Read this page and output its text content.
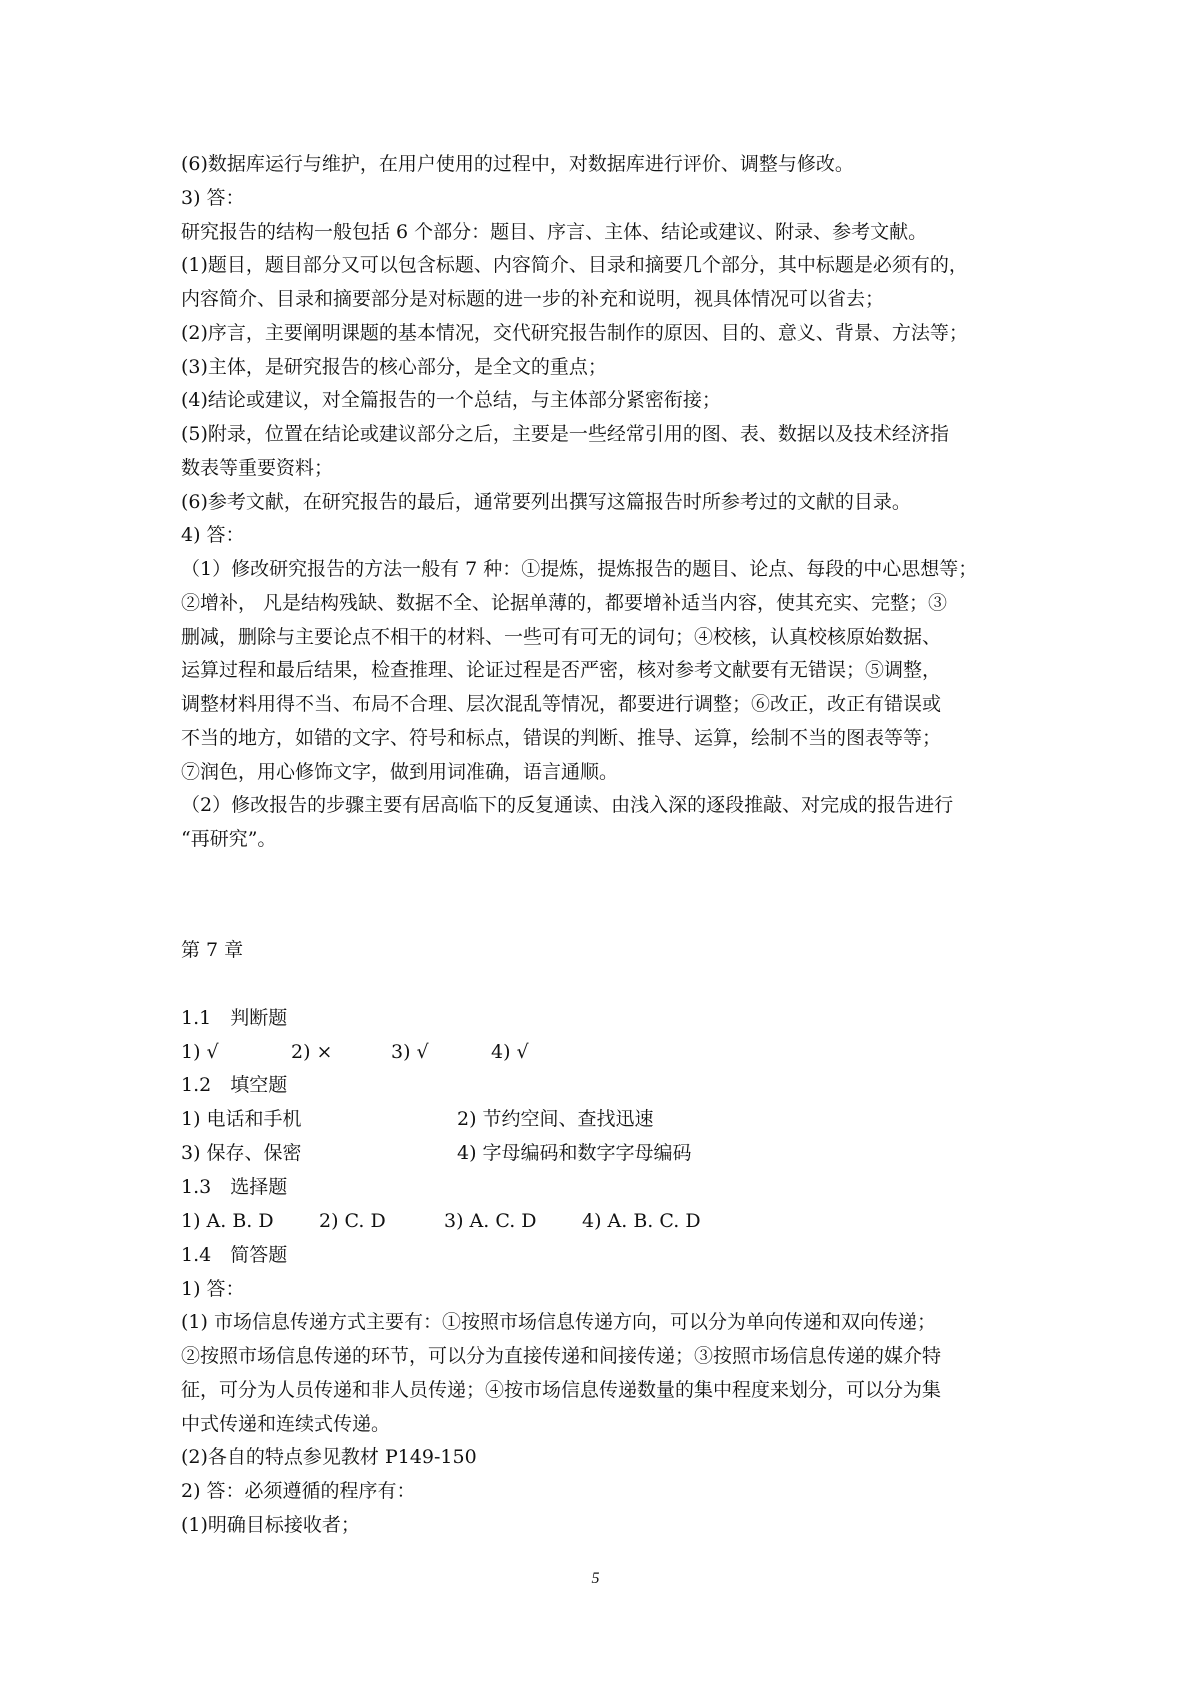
(6)数据库运行与维护，在用户使用的过程中，对数据库进行评价、调整与修改。
3) 答：
研究报告的结构一般包括 6 个部分：题目、序言、主体、结论或建议、附录、参考文献。
(1)题目，题目部分又可以包含标题、内容简介、目录和摘要几个部分，其中标题是必须有的，
内容简介、目录和摘要部分是对标题的进一步的补充和说明，视具体情况可以省去；
(2)序言，主要阐明课题的基本情况，交代研究报告制作的原因、目的、意义、背景、方法等；
(3)主体，是研究报告的核心部分，是全文的重点；
(4)结论或建议，对全篇报告的一个总结，与主体部分紧密衔接；
(5)附录，位置在结论或建议部分之后，主要是一些经常引用的图、表、数据以及技术经济指
数表等重要资料；
(6)参考文献，在研究报告的最后，通常要列出撰写这篇报告时所参考过的文献的目录。
4) 答：
（1）修改研究报告的方法一般有 7 种：①提炼，提炼报告的题目、论点、每段的中心思想等；
②增补， 凡是结构残缺、数据不全、论据单薄的，都要增补适当内容，使其充实、完整；③
删减，删除与主要论点不相干的材料、一些可有可无的词句；④校核，认真校核原始数据、
运算过程和最后结果，检查推理、论证过程是否严密，核对参考文献要有无错误；⑤调整，
调整材料用得不当、布局不合理、层次混乱等情况，都要进行调整；⑥改正，改正有错误或
不当的地方，如错的文字、符号和标点，错误的判断、推导、运算，绘制不当的图表等等；
⑦润色，用心修饰文字，做到用词准确，语言通顺。
（2）修改报告的步骤主要有居高临下的反复通读、由浅入深的逐段推敲、对完成的报告进行
“再研究”。
第 7 章
1.1　判断题
1) √	2) ×	3) √	4) √
1.2　填空题
1) 电话和手机	2) 节约空间、查找迅速
3) 保存、保密	4) 字母编码和数字字母编码
1.3　选择题
1) A. B. D 2) C. D	3) A. C. D 4) A. B. C. D
1.4　简答题
1) 答：
(1) 市场信息传递方式主要有：①按照市场信息传递方向，可以分为单向传递和双向传递；
②按照市场信息传递的环节，可以分为直接传递和间接传递；③按照市场信息传递的媒介特
征，可分为人员传递和非人员传递；④按市场信息传递数量的集中程度来划分，可以分为集
中式传递和连续式传递。
(2)各自的特点参见教材 P149-150
2) 答：必须遵循的程序有：
(1)明确目标接收者；
5
